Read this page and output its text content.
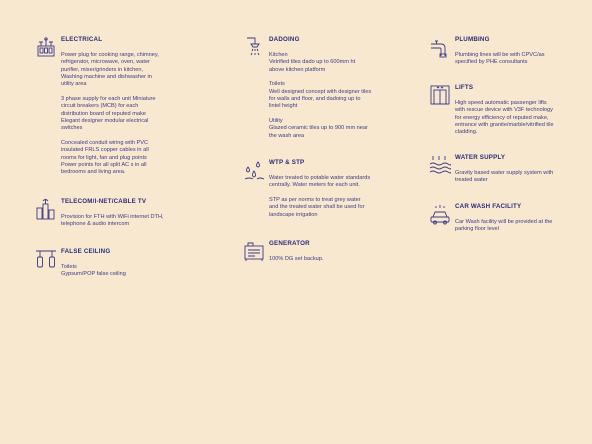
ELECTRICAL

Power plug for cooking range, chimney,
refrigerator, microwave, oven, water
purifier, mixer/grinders in kitchen,
Washing machine and dishwasher in
utility area

3 phase supply for each unit Miniature
circuit breakers (MCB) for each
distribution board of reputed make
Elegant designer modular electrical
switches

Concealed conduit wiring with PVC
insulated FRLS copper cables in all
rooms for light, fan and plug points
Power points for all split AC s in all
bedrooms and living area.

TELECOM/I-NET/CABLE TV

Provision for FTH with WiFi internet DTH,
telephone & audio intercom

FALSE CEILING

Toilets
Gypsum/POP false ceiling

DADOING

Kitchen
Vetrified tiles dado up to 600mm ht
above kitchen platform

Toilets
Well designed concept with designer tiles
for walls and floor, and dadoing up to
lintel height

Utility
Glazed ceramic tiles up to 900 mm near
the wash area

WTP & STP

Water treated to potable water standards
centrally. Water meters for each unit.

STP as per norms to treat grey water
and the treated water shall be used for
landscape irrigation

GENERATOR

100% DG set backup.

PLUMBING

Plumbing lines will be with CPVC/as
specified by PHE consultants

LIFTS

High speed automatic passenger lifts
with rescue device with V3F technology
for energy efficiency of reputed make,
entrance with granite/marble/vitrified tile
cladding.

WATER SUPPLY

Gravity based water supply system with
treated water

CAR WASH FACILITY

Car Wash facility will be provided at the
parking floor level
